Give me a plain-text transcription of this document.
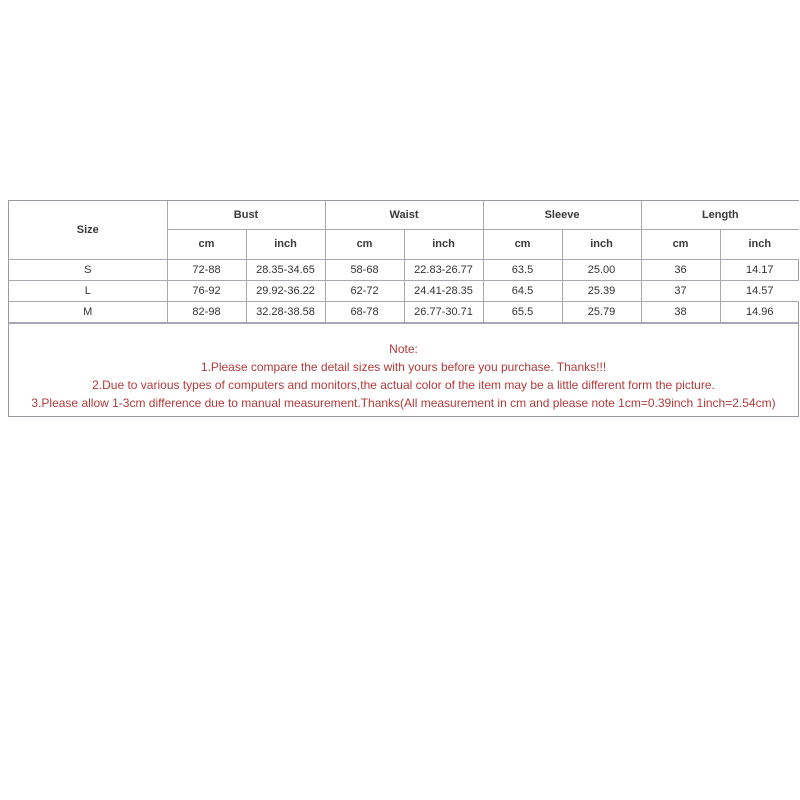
Size	Bust		Waist		Sleeve		Length	
	cm	inch	cm	inch	cm	inch	cm	inch
S	72-88	28.35-34.65	58-68	22.83-26.77	63.5	25.00	36	14.17
L	76-92	29.92-36.22	62-72	24.41-28.35	64.5	25.39	37	14.57
M	82-98	32.28-38.58	68-78	26.77-30.71	65.5	25.79	38	14.96
Note:
1.Please compare the detail sizes with yours before you purchase. Thanks!!!
2.Due to various types of computers and monitors,the actual color of the item may be a little different form the picture.
3.Please allow 1-3cm difference due to manual measurement.Thanks(All measurement in cm and please note 1cm=0.39inch 1inch=2.54cm)
